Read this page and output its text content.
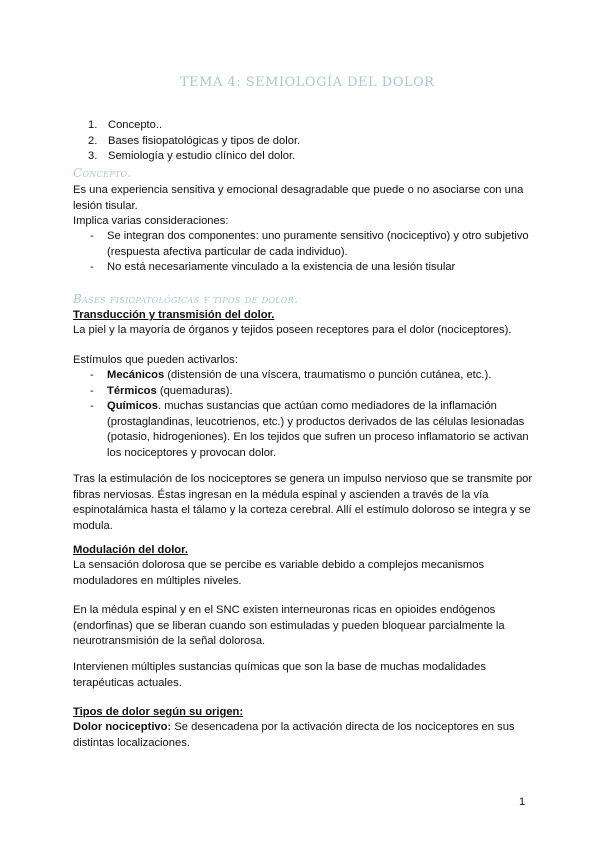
TEMA 4: SEMIOLOGÍA DEL DOLOR
1. Concepto..
2. Bases fisiopatológicas y tipos de dolor.
3. Semiología y estudio clínico del dolor.
Concepto.
Es una experiencia sensitiva y emocional desagradable que puede o no asociarse con una lesión tisular.
Implica varias consideraciones:
- Se integran dos componentes: uno puramente sensitivo (nociceptivo) y otro subjetivo (respuesta afectiva particular de cada individuo).
- No está necesariamente vinculado a la existencia de una lesión tisular
Bases fisiopatológicas y tipos de dolor.
Transducción y transmisión del dolor.
La piel y la mayoría de órganos y tejidos poseen receptores para el dolor (nociceptores).
Estímulos que pueden activarlos:
- Mecánicos (distensión de una víscera, traumatismo o punción cutánea, etc.).
- Térmicos (quemaduras).
- Químicos. muchas sustancias que actúan como mediadores de la inflamación (prostaglandinas, leucotrienos, etc.) y productos derivados de las células lesionadas (potasio, hidrogeniones). En los tejidos que sufren un proceso inflamatorio se activan los nociceptores y provocan dolor.
Tras la estimulación de los nociceptores se genera un impulso nervioso que se transmite por fibras nerviosas. Éstas ingresan en la médula espinal y ascienden a través de la vía espinotalámica hasta el tálamo y la corteza cerebral. Allí el estímulo doloroso se integra y se modula.
Modulación del dolor.
La sensación dolorosa que se percibe es variable debido a complejos mecanismos moduladores en múltiples niveles.
En la médula espinal y en el SNC existen interneuronas ricas en opioides endógenos (endorfinas) que se liberan cuando son estimuladas y pueden bloquear parcialmente la neurotransmisión de la señal dolorosa.
Intervienen múltiples sustancias químicas que son la base de muchas modalidades terapéuticas actuales.
Tipos de dolor según su origen:
Dolor nociceptivo: Se desencadena por la activación directa de los nociceptores en sus distintas localizaciones.
1
